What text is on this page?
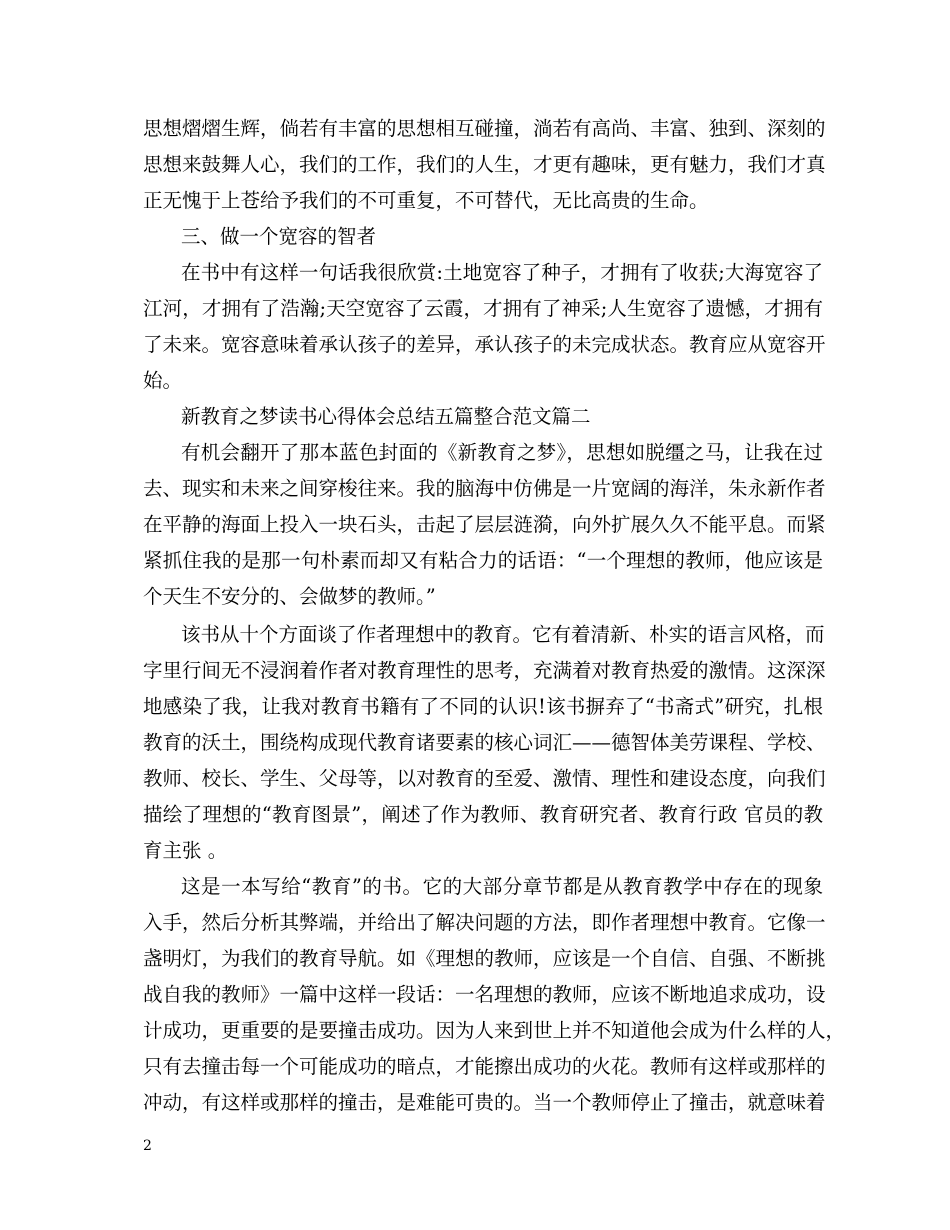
思想熠熠生辉，倘若有丰富的思想相互碰撞，淌若有高尚、丰富、独到、深刻的
思想来鼓舞人心，我们的工作，我们的人生，才更有趣味，更有魅力，我们才真
正无愧于上苍给予我们的不可重复，不可替代，无比高贵的生命。
三、做一个宽容的智者
在书中有这样一句话我很欣赏:土地宽容了种子，才拥有了收获;大海宽容了
江河，才拥有了浩瀚;天空宽容了云霞，才拥有了神采;人生宽容了遗憾，才拥有
了未来。宽容意味着承认孩子的差异，承认孩子的未完成状态。教育应从宽容开
始。
新教育之梦读书心得体会总结五篇整合范文篇二
有机会翻开了那本蓝色封面的《新教育之梦》，思想如脱缰之马，让我在过
去、现实和未来之间穿梭往来。我的脑海中仿佛是一片宽阔的海洋，朱永新作者
在平静的海面上投入一块石头，击起了层层涟漪，向外扩展久久不能平息。而紧
紧抓住我的是那一句朴素而却又有粘合力的话语：“一个理想的教师，他应该是
个天生不安分的、会做梦的教师。”
该书从十个方面谈了作者理想中的教育。它有着清新、朴实的语言风格，而
字里行间无不浸润着作者对教育理性的思考，充满着对教育热爱的激情。这深深
地感染了我，让我对教育书籍有了不同的认识!该书摒弃了“书斋式”研究，扎根
教育的沃土，围绕构成现代教育诸要素的核心词汇——德智体美劳课程、学校、
教师、校长、学生、父母等，以对教育的至爱、激情、理性和建设态度，向我们
描绘了理想的“教育图景”，阐述了作为教师、教育研究者、教育行政 官员的教
育主张 。
这是一本写给“教育”的书。它的大部分章节都是从教育教学中存在的现象
入手，然后分析其弊端，并给出了解决问题的方法，即作者理想中教育。它像一
盏明灯，为我们的教育导航。如《理想的教师，应该是一个自信、自强、不断挑
战自我的教师》一篇中这样一段话：一名理想的教师，应该不断地追求成功，设
计成功，更重要的是要撞击成功。因为人来到世上并不知道他会成为什么样的人，
只有去撞击每一个可能成功的暗点，才能擦出成功的火花。教师有这样或那样的
冲动，有这样或那样的撞击，是难能可贵的。当一个教师停止了撞击，就意味着
2
